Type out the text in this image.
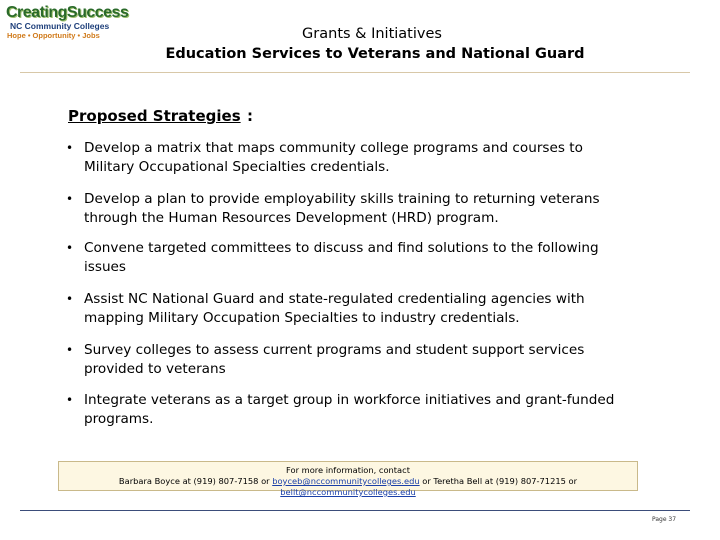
CreatingSuccess
NC Community Colleges
Hope • Opportunity • Jobs	Grants & Initiatives
Education Services to Veterans and National Guard
Proposed Strategies :
• Develop a matrix that maps community college programs and courses to
Military Occupational Specialties credentials.
• Develop a plan to provide employability skills training to returning veterans
through the Human Resources Development (HRD) program.
• Convene targeted committees to discuss and find solutions to the following
issues
• Assist NC National Guard and state-regulated credentialing agencies with
mapping Military Occupation Specialties to industry credentials.
• Survey colleges to assess current programs and student support services
provided to veterans
• Integrate veterans as a target group in workforce initiatives and grant-funded
programs.
For more information, contact
Barbara Boyce at (919) 807-7158 or boyceb@nccommunitycolleges.edu or Teretha Bell at (919) 807-71215 or bellt@nccommunitycolleges.edu
Page 37
